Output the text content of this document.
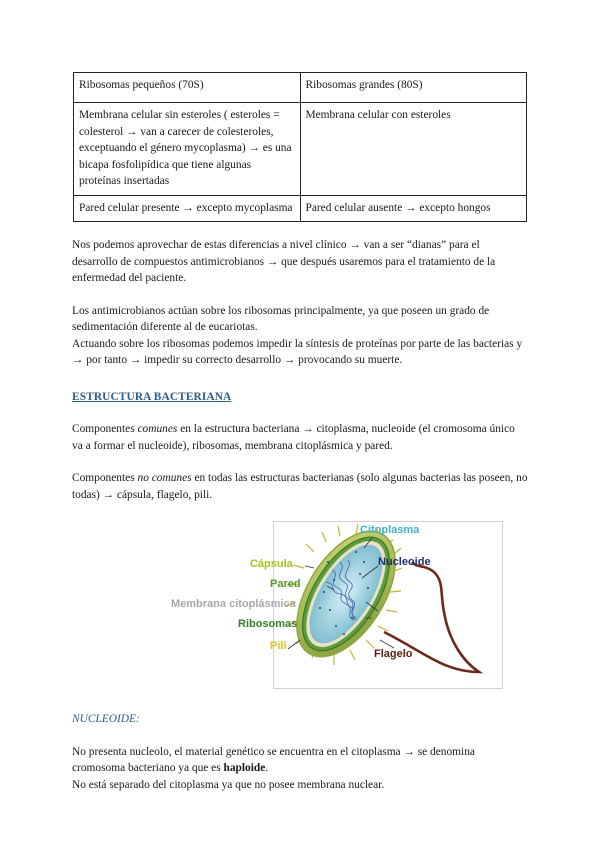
Ribosomas pequeños (70S)	Ribosomas grandes (80S)
Membrana celular sin esteroles ( esteroles = colesterol → van a carecer de colesteroles, exceptuando el género mycoplasma) → es una bicapa fosfolipídica que tiene algunas proteínas insertadas	Membrana celular con esteroles
Pared celular presente → excepto mycoplasma	Pared celular ausente → excepto hongos

Nos podemos aprovechar de estas diferencias a nivel clínico → van a ser “dianas” para el desarrollo de compuestos antimicrobianos → que después usaremos para el tratamiento de la enfermedad del paciente.

Los antimicrobianos actúan sobre los ribosomas principalmente, ya que poseen un grado de sedimentación diferente al de eucariotas.

Actuando sobre los ribosomas podemos impedir la síntesis de proteínas por parte de las bacterias y → por tanto → impedir su correcto desarrollo → provocando su muerte.

ESTRUCTURA BACTERIANA

Componentes comunes en la estructura bacteriana → citoplasma, nucleoide (el cromosoma único va a formar el nucleoide), ribosomas, membrana citoplásmica y pared.

Componentes no comunes en todas las estructuras bacterianas (solo algunas bacterias las poseen, no todas) → cápsula, flagelo, pili.

Citoplasma
Nucleoide
Cápsula
Pared
Membrana citoplásmica
Ribosomas
Pili
Flagelo

NUCLEOIDE:

No presenta nucleolo, el material genético se encuentra en el citoplasma → se denomina cromosoma bacteriano ya que es haploide.

No está separado del citoplasma ya que no posee membrana nuclear.
